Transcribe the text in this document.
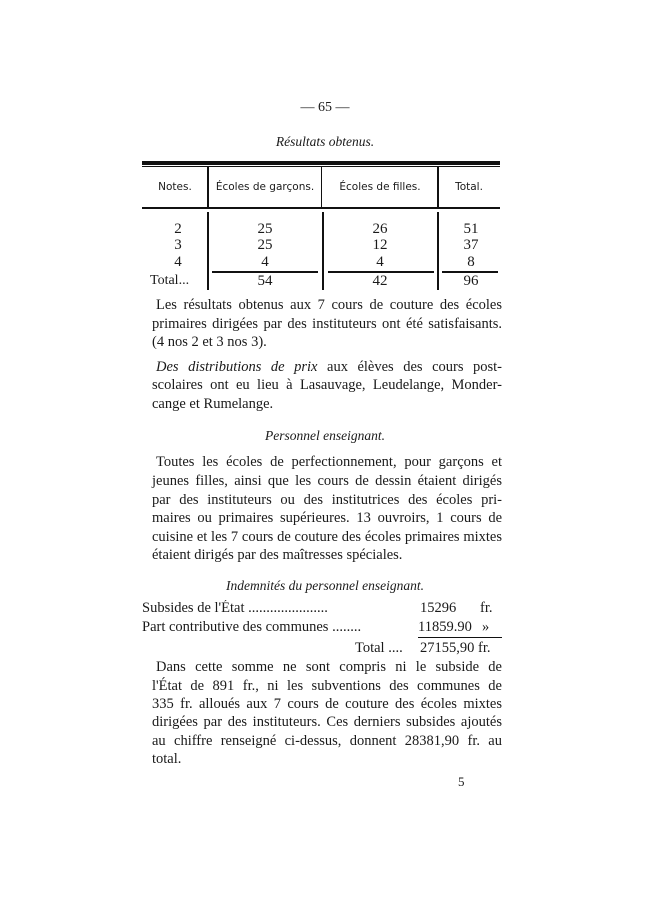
— 65 —
Résultats obtenus.
Notes.	Écoles de garçons.	Écoles de filles.	Total.
2	25	26	51
3	25	12	37
4	4	4	8
Total...	54	42	96
Les résultats obtenus aux 7 cours de couture des écoles
primaires dirigées par des instituteurs ont été satisfaisants.
(4 nos 2 et 3 nos 3).
Des distributions de prix aux élèves des cours post-
scolaires ont eu lieu à Lasauvage, Leudelange, Monder-
cange et Rumelange.
Personnel enseignant.
Toutes les écoles de perfectionnement, pour garçons et
jeunes filles, ainsi que les cours de dessin étaient dirigés
par des instituteurs ou des institutrices des écoles pri-
maires ou primaires supérieures. 13 ouvroirs, 1 cours de
cuisine et les 7 cours de couture des écoles primaires mixtes
étaient dirigés par des maîtresses spéciales.
Indemnités du personnel enseignant.
Subsides de l'État ......................	15296 fr.
Part contributive des communes ........	11859.90 »
Total .... 27155,90 fr.
Dans cette somme ne sont compris ni le subside de
l'État de 891 fr., ni les subventions des communes de
335 fr. alloués aux 7 cours de couture des écoles mixtes
dirigées par des instituteurs. Ces derniers subsides ajoutés
au chiffre renseigné ci-dessus, donnent 28381,90 fr. au
total.
5
